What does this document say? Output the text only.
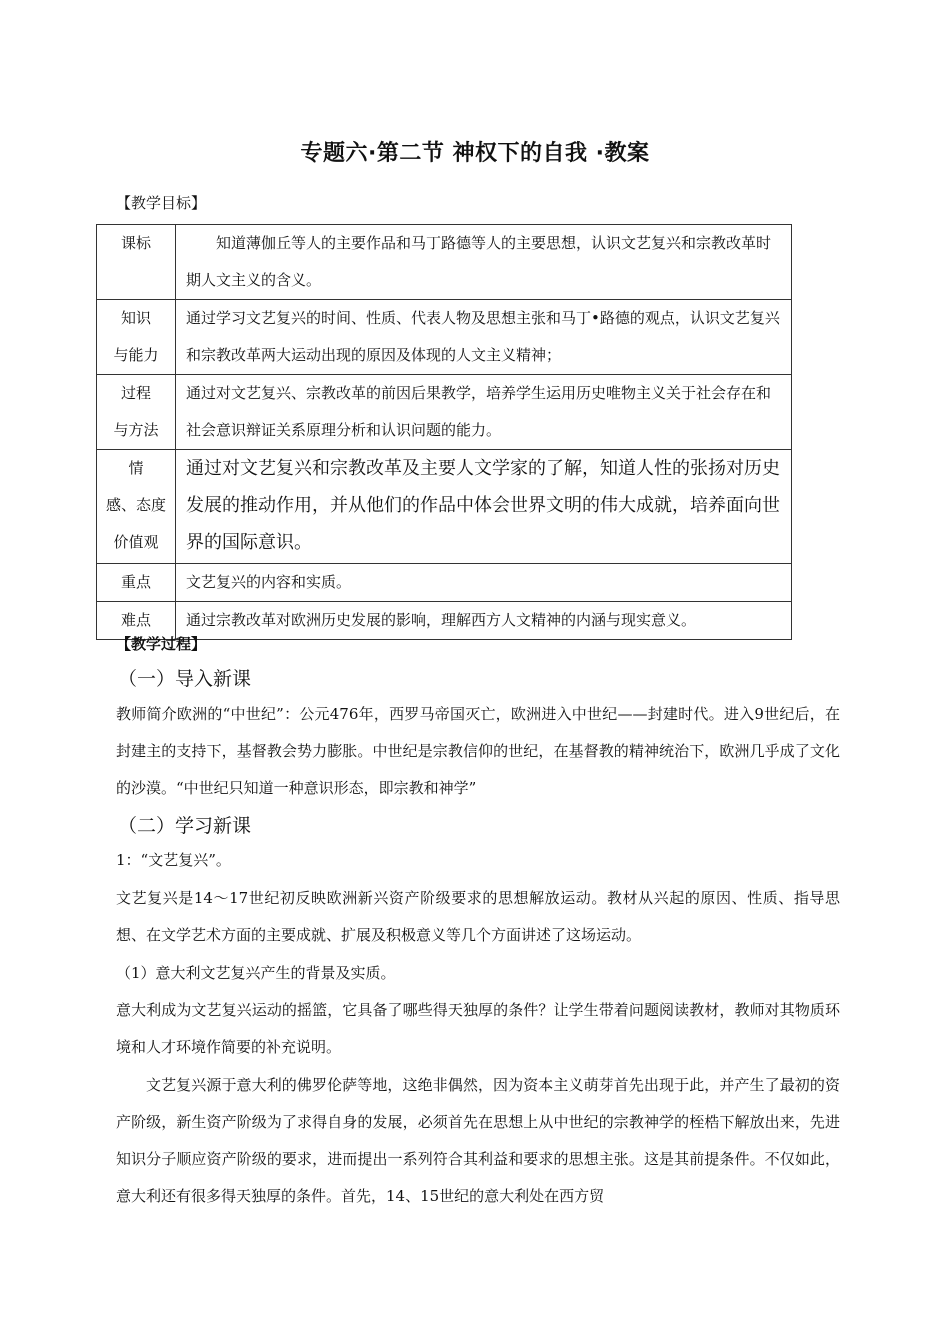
专题六·第二节 神权下的自我 ·教案
【教学目标】
课标	知道薄伽丘等人的主要作品和马丁路德等人的主要思想，认识文艺复兴和宗教改革时期人文主义的含义。

知识
与能力	通过学习文艺复兴的时间、性质、代表人物及思想主张和马丁•路德的观点，认识文艺复兴和宗教改革两大运动出现的原因及体现的人文主义精神；

过程
与方法	通过对文艺复兴、宗教改革的前因后果教学，培养学生运用历史唯物主义关于社会存在和社会意识辩证关系原理分析和认识问题的能力。

情
感、态度
价值观	通过对文艺复兴和宗教改革及主要人文学家的了解，知道人性的张扬对历史发展的推动作用，并从他们的作品中体会世界文明的伟大成就，培养面向世界的国际意识。

重点	文艺复兴的内容和实质。

难点	通过宗教改革对欧洲历史发展的影响，理解西方人文精神的内涵与现实意义。
【教学过程】
（一）导入新课
教师简介欧洲的“中世纪”：公元476年，西罗马帝国灭亡，欧洲进入中世纪——封建时代。进入9世纪后，在封建主的支持下，基督教会势力膨胀。中世纪是宗教信仰的世纪，在基督教的精神统治下，欧洲几乎成了文化的沙漠。“中世纪只知道一种意识形态，即宗教和神学”
（二）学习新课
1：“文艺复兴”。
文艺复兴是14～17世纪初反映欧洲新兴资产阶级要求的思想解放运动。教材从兴起的原因、性质、指导思想、在文学艺术方面的主要成就、扩展及积极意义等几个方面讲述了这场运动。
（1）意大利文艺复兴产生的背景及实质。
意大利成为文艺复兴运动的摇篮，它具备了哪些得天独厚的条件？让学生带着问题阅读教材，教师对其物质环境和人才环境作简要的补充说明。
文艺复兴源于意大利的佛罗伦萨等地，这绝非偶然，因为资本主义萌芽首先出现于此，并产生了最初的资产阶级，新生资产阶级为了求得自身的发展，必须首先在思想上从中世纪的宗教神学的桎梏下解放出来，先进知识分子顺应资产阶级的要求，进而提出一系列符合其利益和要求的思想主张。这是其前提条件。不仅如此，意大利还有很多得天独厚的条件。首先，14、15世纪的意大利处在西方贸
